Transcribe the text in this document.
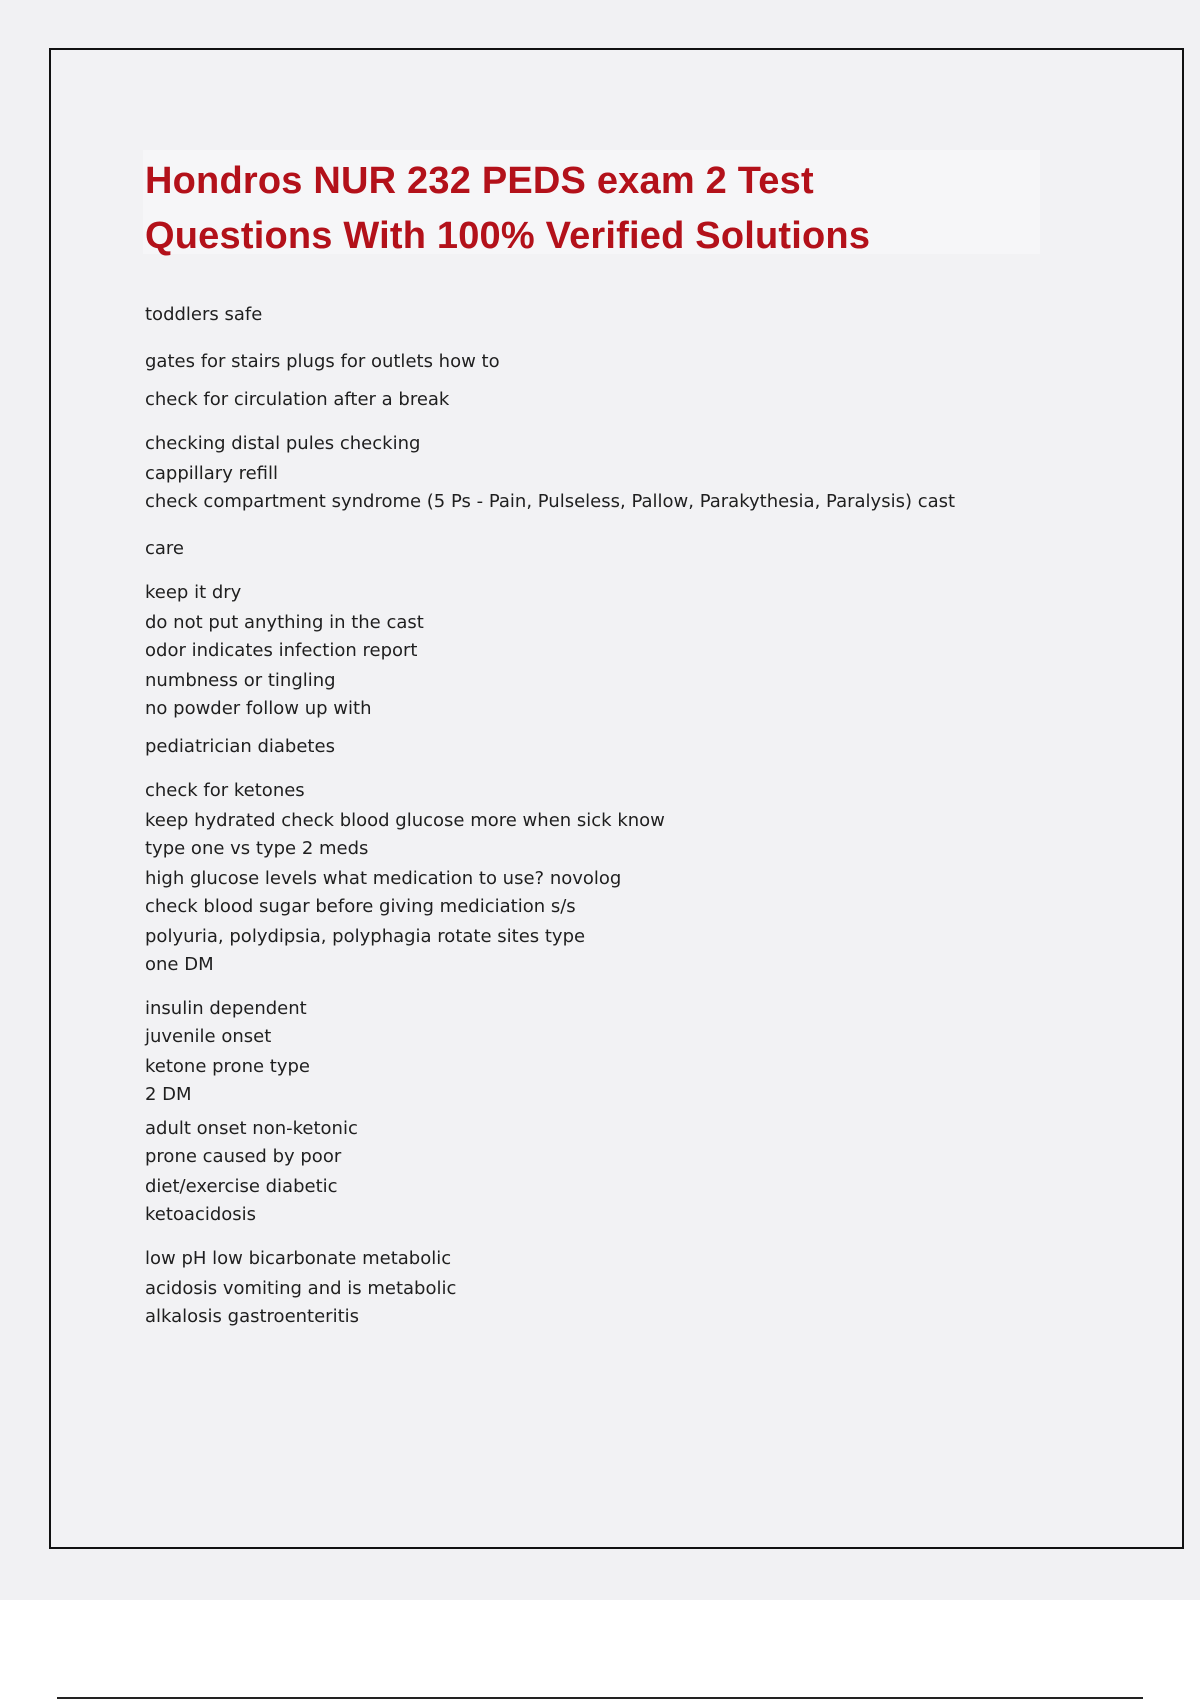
Hondros NUR 232 PEDS exam 2 Test
Questions With 100% Verified Solutions
toddlers safe
gates for stairs plugs for outlets how to
check for circulation after a break
checking distal pules checking
cappillary refill
check compartment syndrome (5 Ps - Pain, Pulseless, Pallow, Parakythesia, Paralysis) cast
care
keep it dry
do not put anything in the cast
odor indicates infection report
numbness or tingling
no powder follow up with
pediatrician diabetes
check for ketones
keep hydrated check blood glucose more when sick know
type one vs type 2 meds
high glucose levels what medication to use? novolog
check blood sugar before giving mediciation s/s
polyuria, polydipsia, polyphagia rotate sites type
one DM
insulin dependent
juvenile onset
ketone prone type
2 DM
adult onset non-ketonic
prone caused by poor
diet/exercise diabetic
ketoacidosis
low pH low bicarbonate metabolic
acidosis vomiting and is metabolic
alkalosis gastroenteritis
